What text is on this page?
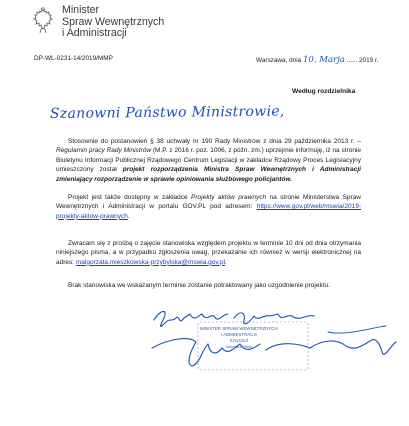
Minister
Spraw Wewnętrznych
i Administracji
DP-WL-0231-14/2019/MMP	Warszawa, dnia 10. Marja ...... 2019 r.
Według rozdzielnika
Szanowni Państwo Ministrowie,
Stosownie do postanowień § 38 uchwały nr 190 Rady Ministrów z dnia 29 października 2013 r. – Regulamin pracy Rady Ministrów (M.P. z 2016 r. poz. 1006, z późn. zm.) uprzejmie informuję, iż na stronie Biuletynu Informacji Publicznej Rządowego Centrum Legislacji w zakładce Rządowy Proces Legislacyjny umieszczony został projekt rozporządzenia Ministra Spraw Wewnętrznych i Administracji zmieniający rozporządzenie w sprawie opiniowania służbowego policjantów.
Projekt jest także dostępny w zakładce Projekty aktów prawnych na stronie Ministerstwa Spraw Wewnętrznych i Administracji w portalu GOV.PL pod adresem: https://www.gov.pl/web/mswia/2019-projekty-aktow-prawnych.
Zwracam się z prośbą o zajęcie stanowiska względem projektu w terminie 10 dni od dnia otrzymania niniejszego pisma, a w przypadku zgłoszenia uwag, przekazanie ich również w wersji elektronicznej na adres: malgorzata.mieszkowska-przybylska@mswia.gov.pl.
Brak stanowiska we wskazanym terminie zostanie potraktowany jako uzgodnienie projektu.
MINISTER SPRAW WEWNĘTRZNYCH
I ADMINISTRACJI
Krzysztof
Sekretarz Stanu
